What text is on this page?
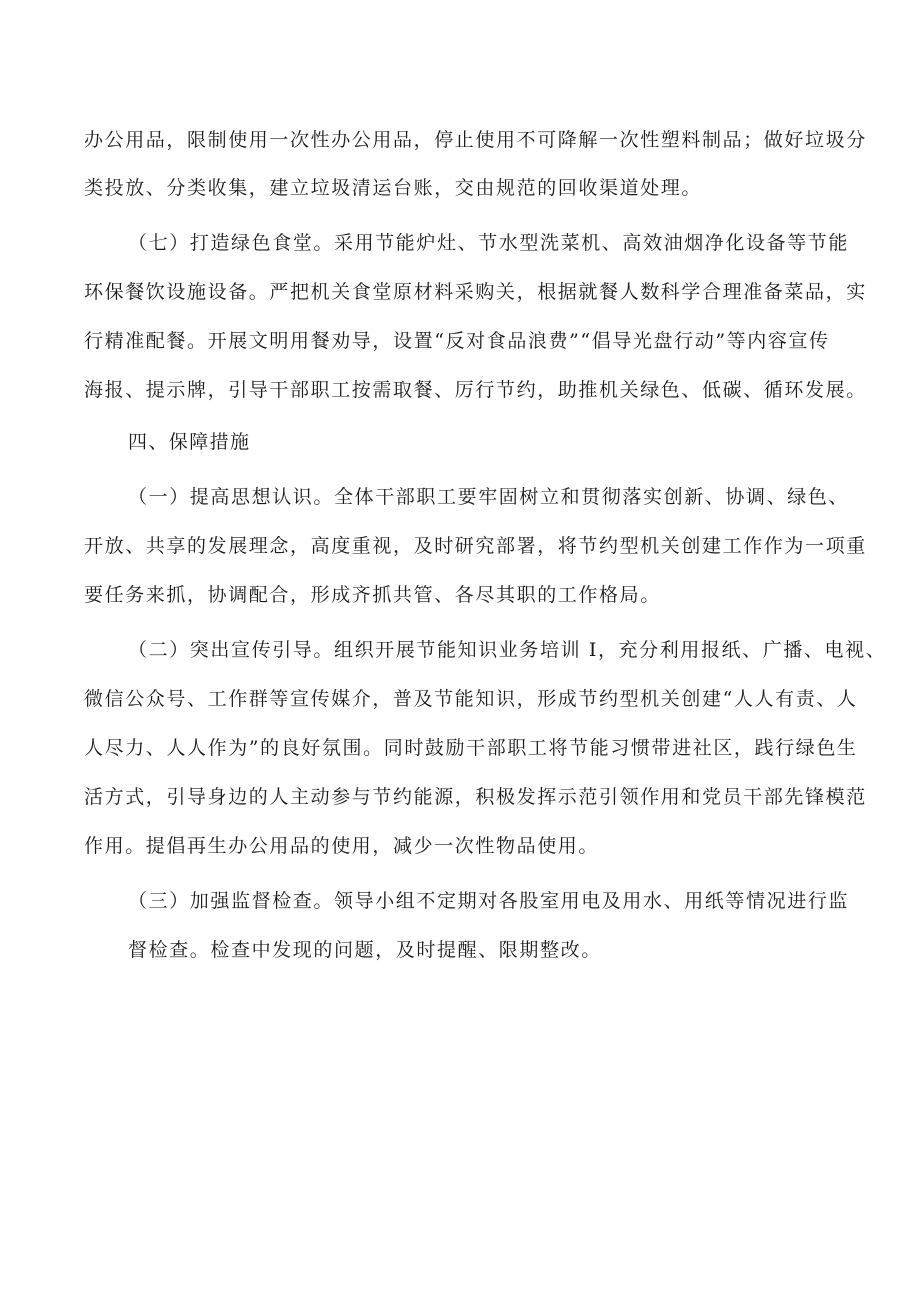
办公用品，限制使用一次性办公用品，停止使用不可降解一次性塑料制品；做好垃圾分
类投放、分类收集，建立垃圾清运台账，交由规范的回收渠道处理。
（七）打造绿色食堂。采用节能炉灶、节水型洗菜机、高效油烟净化设备等节能
环保餐饮设施设备。严把机关食堂原材料采购关，根据就餐人数科学合理准备菜品，实
行精准配餐。开展文明用餐劝导，设置“反对食品浪费”“倡导光盘行动”等内容宣传
海报、提示牌，引导干部职工按需取餐、厉行节约，助推机关绿色、低碳、循环发展。
四、保障措施
（一）提高思想认识。全体干部职工要牢固树立和贯彻落实创新、协调、绿色、
开放、共享的发展理念，高度重视，及时研究部署，将节约型机关创建工作作为一项重
要任务来抓，协调配合，形成齐抓共管、各尽其职的工作格局。
（二）突出宣传引导。组织开展节能知识业务培训 I，充分利用报纸、广播、电视、
微信公众号、工作群等宣传媒介，普及节能知识，形成节约型机关创建“人人有责、人
人尽力、人人作为”的良好氛围。同时鼓励干部职工将节能习惯带进社区，践行绿色生
活方式，引导身边的人主动参与节约能源，积极发挥示范引领作用和党员干部先锋模范
作用。提倡再生办公用品的使用，减少一次性物品使用。
（三）加强监督检查。领导小组不定期对各股室用电及用水、用纸等情况进行监
督检查。检查中发现的问题，及时提醒、限期整改。
